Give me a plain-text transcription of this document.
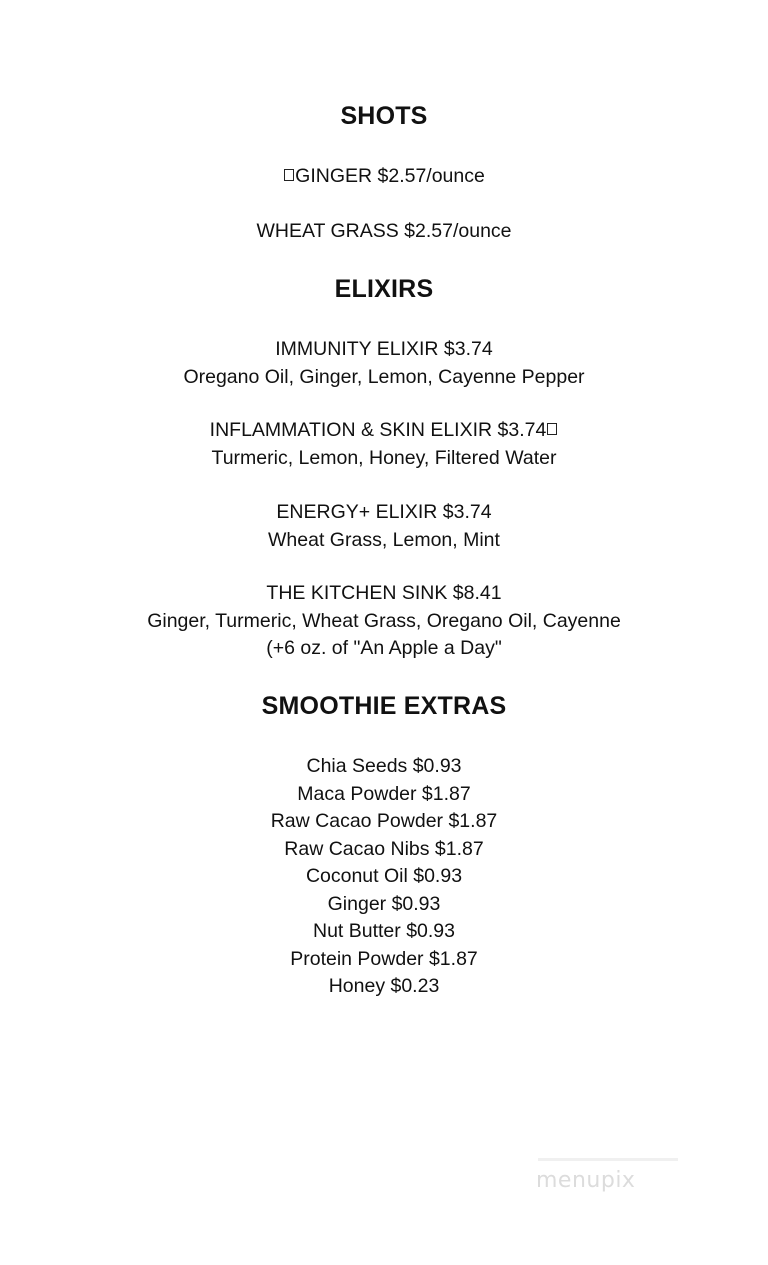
SHOTS
GINGER $2.57/ounce
WHEAT GRASS $2.57/ounce
ELIXIRS
IMMUNITY ELIXIR $3.74
Oregano Oil, Ginger, Lemon, Cayenne Pepper
INFLAMMATION & SKIN ELIXIR $3.74
Turmeric, Lemon, Honey, Filtered Water
ENERGY+ ELIXIR $3.74
Wheat Grass, Lemon, Mint
THE KITCHEN SINK $8.41
Ginger, Turmeric, Wheat Grass, Oregano Oil, Cayenne
(+6 oz. of "An Apple a Day"
SMOOTHIE EXTRAS
Chia Seeds $0.93
Maca Powder $1.87
Raw Cacao Powder $1.87
Raw Cacao Nibs $1.87
Coconut Oil $0.93
Ginger $0.93
Nut Butter $0.93
Protein Powder $1.87
Honey $0.23
menupix
